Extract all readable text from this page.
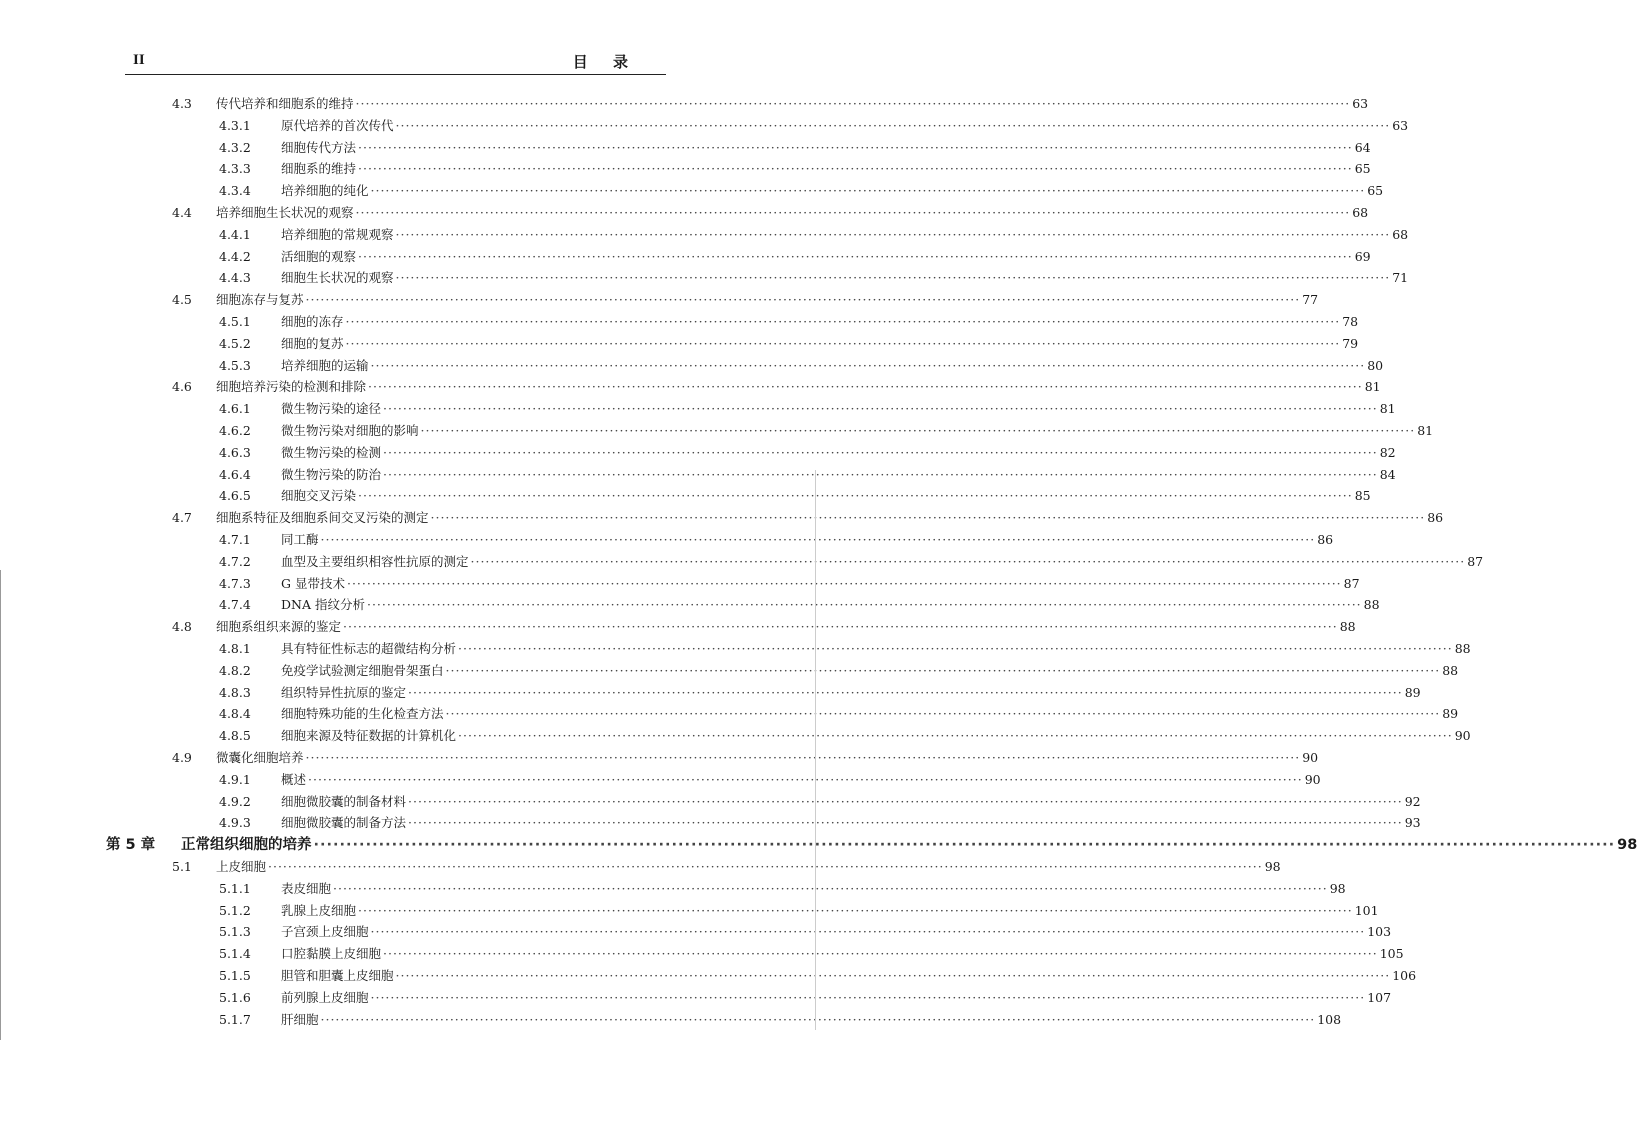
II	目 录
4.3	传代培养和细胞系的维持 ········································································································································································································ 63
4.3.1	原代培养的首次传代 ········································································································································································································ 63
4.3.2	细胞传代方法 ········································································································································································································ 64
4.3.3	细胞系的维持 ········································································································································································································ 65
4.3.4	培养细胞的纯化 ········································································································································································································ 65
4.4	培养细胞生长状况的观察 ········································································································································································································ 68
4.4.1	培养细胞的常规观察 ········································································································································································································ 68
4.4.2	活细胞的观察 ········································································································································································································ 69
4.4.3	细胞生长状况的观察 ········································································································································································································ 71
4.5	细胞冻存与复苏 ········································································································································································································ 77
4.5.1	细胞的冻存 ········································································································································································································ 78
4.5.2	细胞的复苏 ········································································································································································································ 79
4.5.3	培养细胞的运输 ········································································································································································································ 80
4.6	细胞培养污染的检测和排除 ········································································································································································································ 81
4.6.1	微生物污染的途径 ········································································································································································································ 81
4.6.2	微生物污染对细胞的影响 ········································································································································································································ 81
4.6.3	微生物污染的检测 ········································································································································································································ 82
4.6.4	微生物污染的防治 ········································································································································································································ 84
4.6.5	细胞交叉污染 ········································································································································································································ 85
4.7	细胞系特征及细胞系间交叉污染的测定 ········································································································································································································ 86
4.7.1	同工酶 ········································································································································································································ 86
4.7.2	血型及主要组织相容性抗原的测定 ········································································································································································································ 87
4.7.3	G 显带技术 ········································································································································································································ 87
4.7.4	DNA 指纹分析 ········································································································································································································ 88
4.8	细胞系组织来源的鉴定 ········································································································································································································ 88
4.8.1	具有特征性标志的超微结构分析 ········································································································································································································ 88
4.8.2	免疫学试验测定细胞骨架蛋白 ········································································································································································································ 88
4.8.3	组织特异性抗原的鉴定 ········································································································································································································ 89
4.8.4	细胞特殊功能的生化检查方法 ········································································································································································································ 89
4.8.5	细胞来源及特征数据的计算机化 ········································································································································································································ 90
4.9	微囊化细胞培养 ········································································································································································································ 90
4.9.1	概述 ········································································································································································································ 90
4.9.2	细胞微胶囊的制备材料 ········································································································································································································ 92
4.9.3	细胞微胶囊的制备方法 ········································································································································································································ 93
第 5 章	正常组织细胞的培养 ········································································································································································································ 98
5.1	上皮细胞 ········································································································································································································ 98
5.1.1	表皮细胞 ········································································································································································································ 98
5.1.2	乳腺上皮细胞 ········································································································································································································ 101
5.1.3	子宫颈上皮细胞 ········································································································································································································ 103
5.1.4	口腔黏膜上皮细胞 ········································································································································································································ 105
5.1.5	胆管和胆囊上皮细胞 ········································································································································································································ 106
5.1.6	前列腺上皮细胞 ········································································································································································································ 107
5.1.7	肝细胞 ········································································································································································································ 108
